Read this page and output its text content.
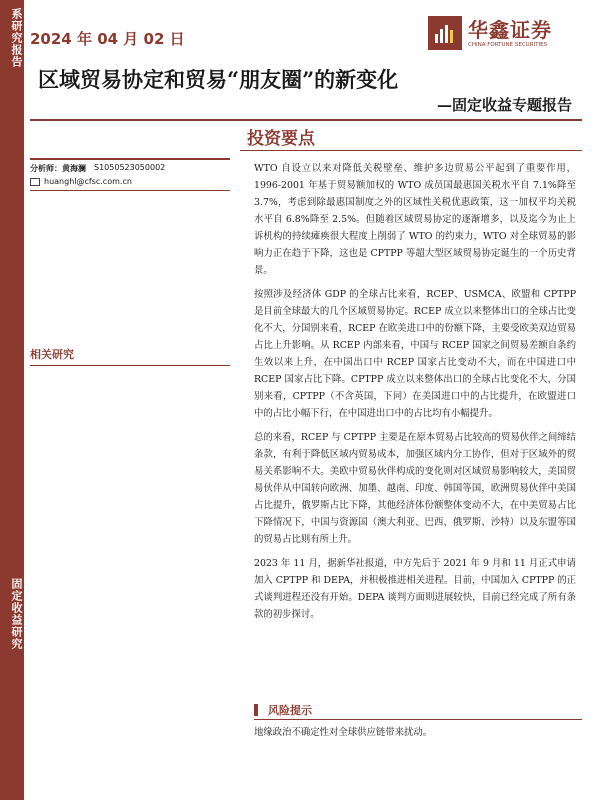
系研究报告
固定收益研究
2024 年 04 月 02 日	华鑫证券
CHINA FORTUNE SECURITIES
区域贸易协定和贸易“朋友圈”的新变化
—固定收益专题报告
投资要点
分析师：黄海澜 S1050523050002
huanghl@cfsc.com.cn
相关研究

WTO 自设立以来对降低关税壁垒、维护多边贸易公平起到了重要作用，1996-2001 年基于贸易额加权的 WTO 成员国最惠国关税水平自 7.1%降至 3.7%，考虑到除最惠国制度之外的区域性关税优惠政策，这一加权平均关税水平自 6.8%降至 2.5%。但随着区域贸易协定的逐渐增多，以及迄今为止上诉机构的持续瘫痪很大程度上削弱了 WTO 的约束力，WTO 对全球贸易的影响力正在趋于下降，这也是 CPTPP 等超大型区域贸易协定诞生的一个历史背景。

按照涉及经济体 GDP 的全球占比来看，RCEP、USMCA、欧盟和 CPTPP 是目前全球最大的几个区域贸易协定。RCEP 成立以来整体出口的全球占比变化不大，分国别来看，RCEP 在欧美进口中的份额下降，主要受欧美双边贸易占比上升影响。从 RCEP 内部来看，中国与 RCEP 国家之间贸易差额自条约生效以来上升，在中国出口中 RCEP 国家占比变动不大，而在中国进口中 RCEP 国家占比下降。CPTPP 成立以来整体出口的全球占比变化不大，分国别来看，CPTPP（不含英国，下同）在美国进口中的占比提升，在欧盟进口中的占比小幅下行，在中国进出口中的占比均有小幅提升。

总的来看，RCEP 与 CPTPP 主要是在原本贸易占比较高的贸易伙伴之间缔结条款，有利于降低区域内贸易成本，加强区域内分工协作，但对于区域外的贸易关系影响不大。美欧中贸易伙伴构成的变化则对区域贸易影响较大，美国贸易伙伴从中国转向欧洲、加墨、越南、印度、韩国等国，欧洲贸易伙伴中美国占比提升，俄罗斯占比下降，其他经济体份额整体变动不大，在中美贸易占比下降情况下，中国与资源国（澳大利亚、巴西、俄罗斯、沙特）以及东盟等国的贸易占比则有所上升。

2023 年 11 月，据新华社报道，中方先后于 2021 年 9 月和 11 月正式申请加入 CPTPP 和 DEPA，并积极推进相关进程。目前，中国加入 CPTPP 的正式谈判进程还没有开始。DEPA 谈判方面则进展较快，目前已经完成了所有条款的初步探讨。

风险提示
地缘政治不确定性对全球供应链带来扰动。
